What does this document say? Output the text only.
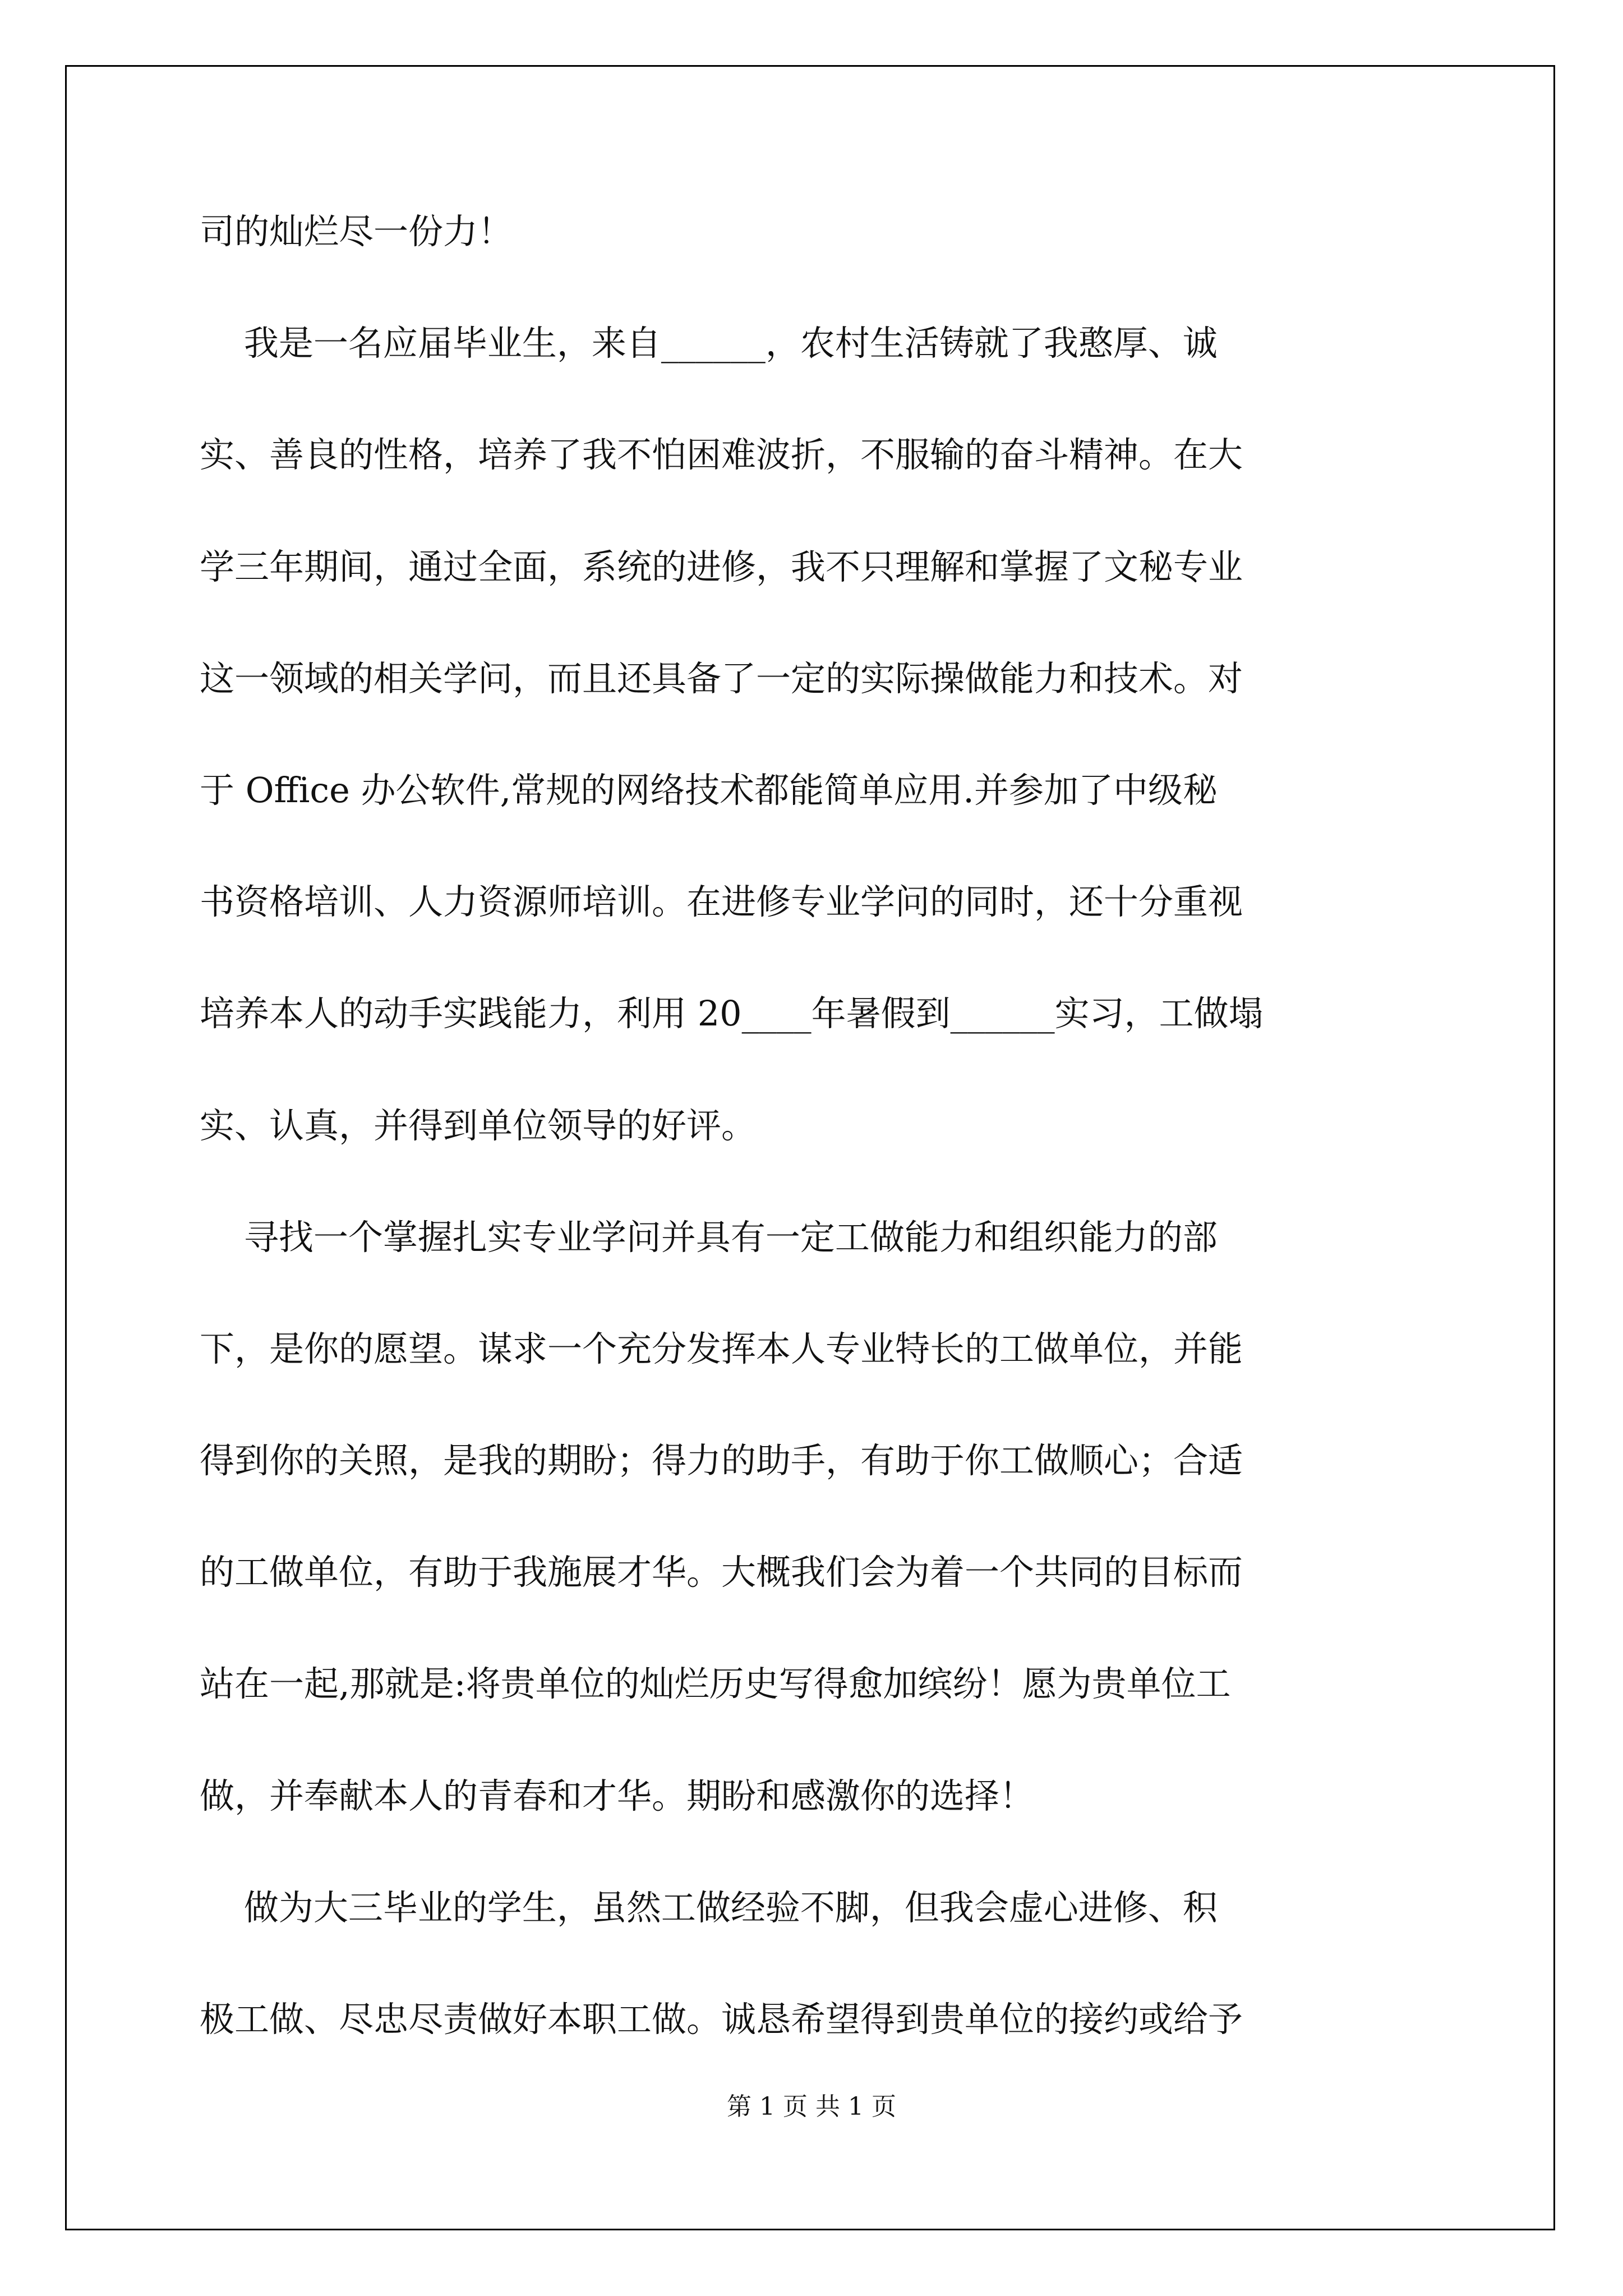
司的灿烂尽一份力！

我是一名应届毕业生，来自______，农村生活铸就了我憨厚、诚

实、善良的性格，培养了我不怕困难波折，不服输的奋斗精神。在大

学三年期间，通过全面，系统的进修，我不只理解和掌握了文秘专业

这一领域的相关学问，而且还具备了一定的实际操做能力和技术。对

于 Office 办公软件,常规的网络技术都能简单应用.并参加了中级秘

书资格培训、人力资源师培训。在进修专业学问的同时，还十分重视

培养本人的动手实践能力，利用 20____年暑假到______实习，工做塌

实、认真，并得到单位领导的好评。

寻找一个掌握扎实专业学问并具有一定工做能力和组织能力的部

下，是你的愿望。谋求一个充分发挥本人专业特长的工做单位，并能

得到你的关照，是我的期盼；得力的助手，有助于你工做顺心；合适

的工做单位，有助于我施展才华。大概我们会为着一个共同的目标而

站在一起,那就是:将贵单位的灿烂历史写得愈加缤纷！愿为贵单位工

做，并奉献本人的青春和才华。期盼和感激你的选择！

做为大三毕业的学生，虽然工做经验不脚，但我会虚心进修、积

极工做、尽忠尽责做好本职工做。诚恳希望得到贵单位的接约或给予

第 1 页 共 1 页
